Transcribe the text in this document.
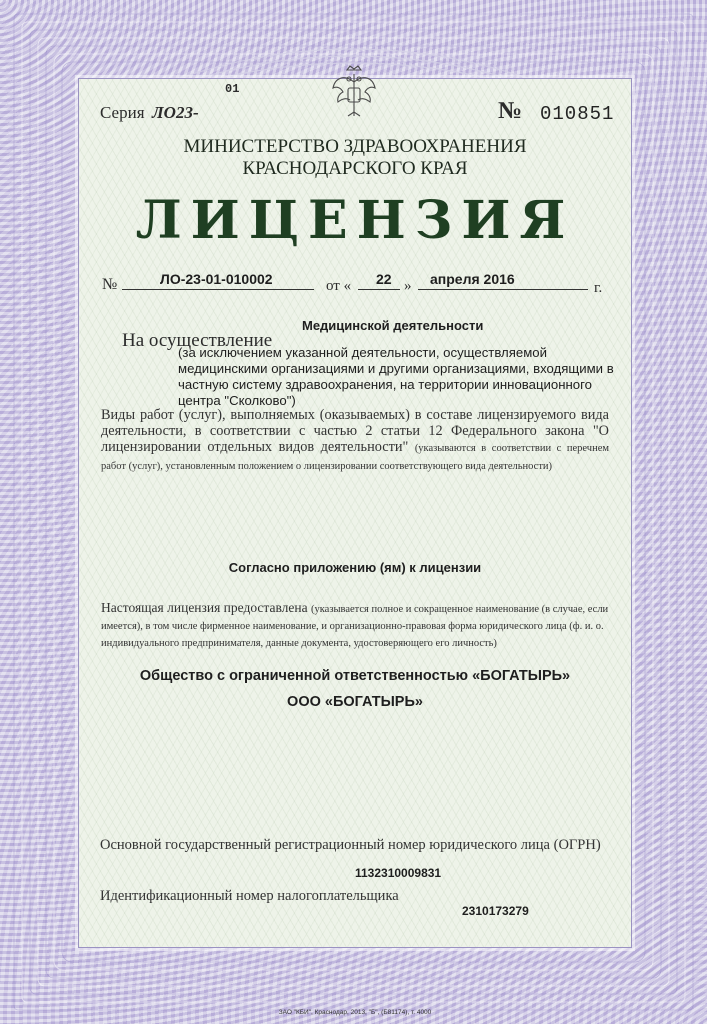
Серия ЛО23-
01
№ 010851
МИНИСТЕРСТВО ЗДРАВООХРАНЕНИЯ
КРАСНОДАРСКОГО КРАЯ
ЛИЦЕНЗИЯ
№	ЛО-23-01-010002	от « 22 » апреля 2016
г.
На осуществление
Медицинской деятельности
(за исключением указанной деятельности, осуществляемой медицинскими организациями и другими организациями, входящими в частную систему здравоохранения, на территории инновационного центра "Сколково")
Виды работ (услуг), выполняемых (оказываемых) в составе лицензируемого вида деятельности, в соответствии с частью 2 статьи 12 Федерального закона "О лицензировании отдельных видов деятельности" (указываются в соответствии с перечнем работ (услуг), установленным положением о лицензировании соответствующего вида деятельности)
Согласно приложению (ям) к лицензии
Настоящая лицензия предоставлена (указывается полное и сокращенное наименование (в случае, если имеется), в том числе фирменное наименование, и организационно-правовая форма юридического лица (ф. и. о. индивидуального предпринимателя, данные документа, удостоверяющего его личность)
Общество с ограниченной ответственностью «БОГАТЫРЬ»
ООО «БОГАТЫРЬ»
Основной государственный регистрационный номер юридического лица (ОГРН)
1132310009831
Идентификационный номер налогоплательщика
2310173279
ЗАО "КБИ", Краснодар, 2013, "Б", (Б81174), т. 4000
